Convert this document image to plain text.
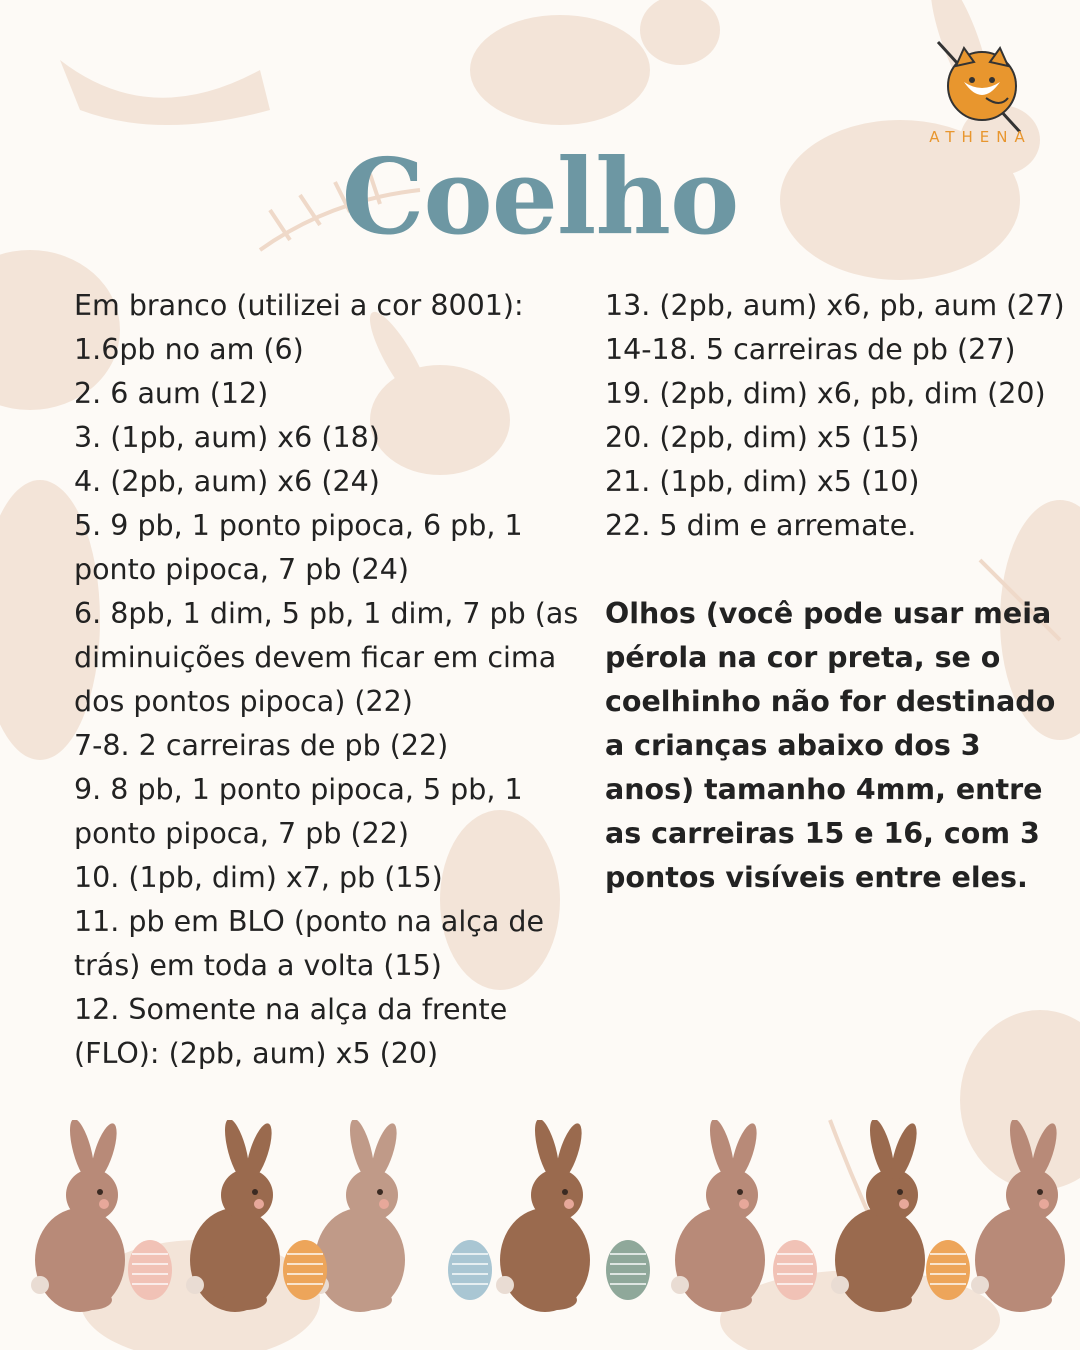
ATHENA
Coelho

Em branco (utilizei a cor 8001):

1.6pb no am (6)

2. 6 aum (12)

3. (1pb, aum) x6 (18)

4. (2pb, aum) x6 (24)

5. 9 pb, 1 ponto pipoca, 6 pb, 1 ponto pipoca, 7 pb (24)

6. 8pb, 1 dim, 5 pb, 1 dim, 7 pb (as diminuições devem ficar em cima dos pontos pipoca) (22)

7-8. 2 carreiras de pb (22)

9. 8 pb, 1 ponto pipoca, 5 pb, 1 ponto pipoca, 7 pb (22)

10. (1pb, dim) x7, pb (15)

11. pb em BLO (ponto na alça de trás) em toda a volta (15)

12. Somente na alça da frente (FLO): (2pb, aum) x5 (20)

13. (2pb, aum) x6, pb, aum (27)

14-18. 5 carreiras de pb (27)

19. (2pb, dim) x6, pb, dim (20)

20. (2pb, dim) x5 (15)

21. (1pb, dim) x5 (10)

22. 5 dim e arremate.

Olhos (você pode usar meia pérola na cor preta, se o coelhinho não for destinado a crianças abaixo dos 3 anos) tamanho 4mm, entre as carreiras 15 e 16, com 3 pontos visíveis entre eles.
